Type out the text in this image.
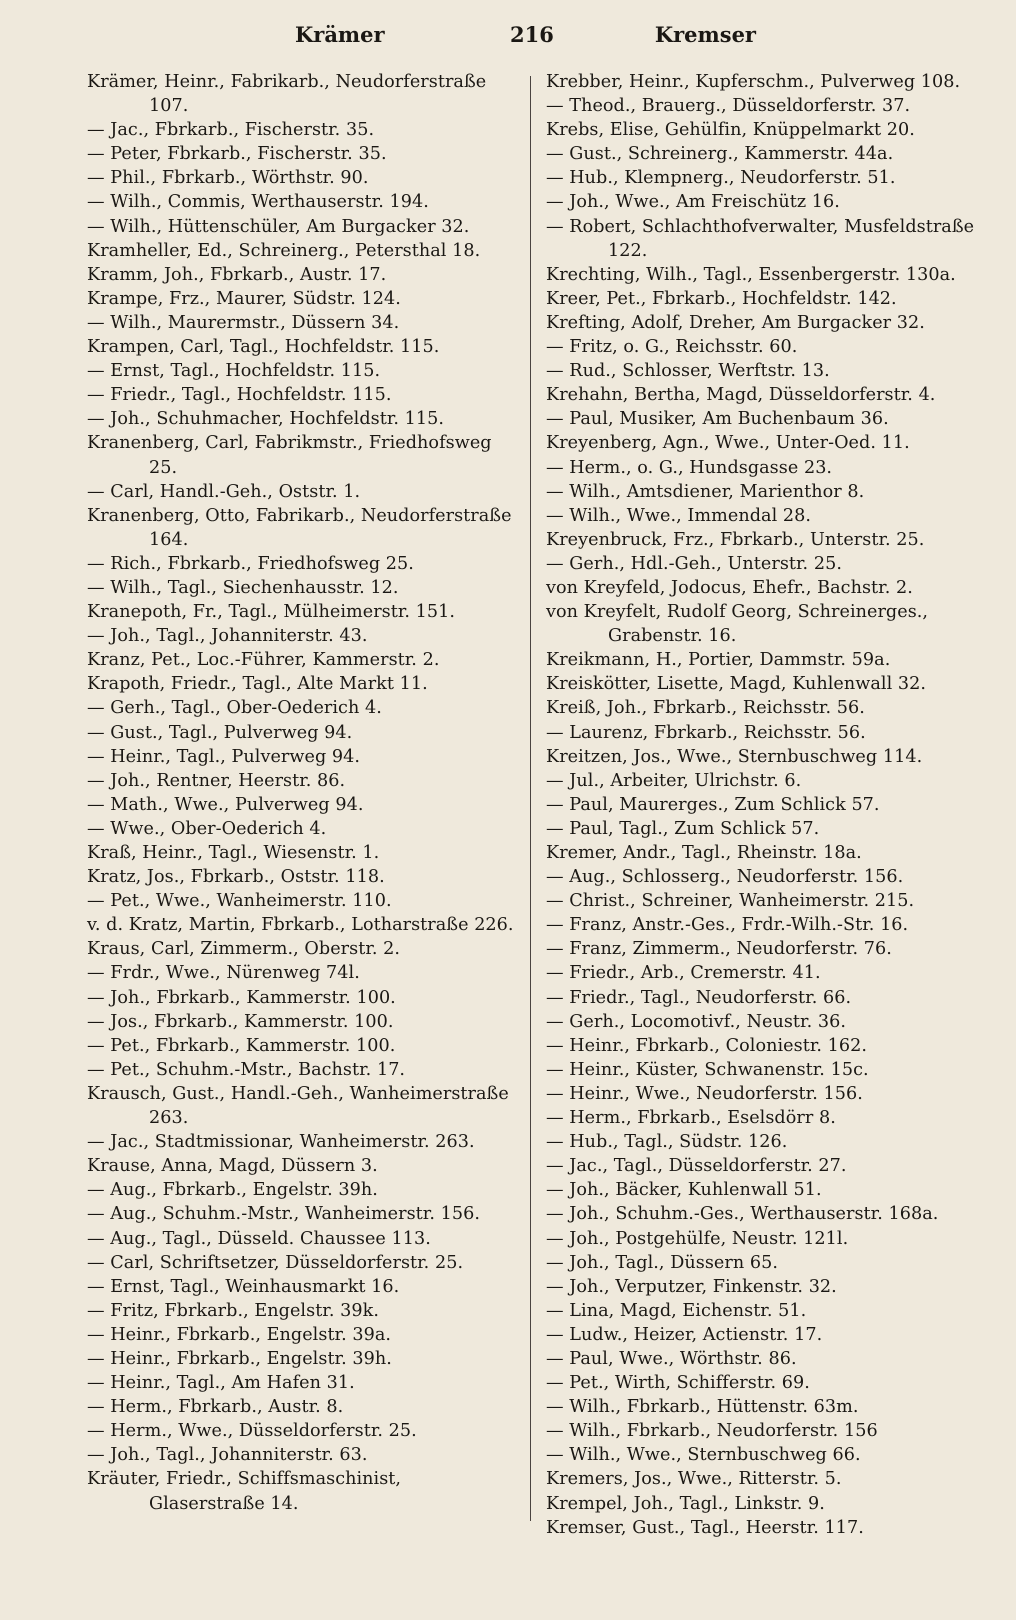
Krämer	216	Kremser
Krämer, Heinr., Fabrikarb., Neudorferstraße 107.
— Jac., Fbrkarb., Fischerstr. 35.
— Peter, Fbrkarb., Fischerstr. 35.
— Phil., Fbrkarb., Wörthstr. 90.
— Wilh., Commis, Werthauserstr. 194.
— Wilh., Hüttenschüler, Am Burgacker 32.
Kramheller, Ed., Schreinerg., Petersthal 18.
Kramm, Joh., Fbrkarb., Austr. 17.
Krampe, Frz., Maurer, Südstr. 124.
— Wilh., Maurermstr., Düssern 34.
Krampen, Carl, Tagl., Hochfeldstr. 115.
— Ernst, Tagl., Hochfeldstr. 115.
— Friedr., Tagl., Hochfeldstr. 115.
— Joh., Schuhmacher, Hochfeldstr. 115.
Kranenberg, Carl, Fabrikmstr., Friedhofsweg 25.
— Carl, Handl.-Geh., Oststr. 1.
Kranenberg, Otto, Fabrikarb., Neudorferstraße 164.
— Rich., Fbrkarb., Friedhofsweg 25.
— Wilh., Tagl., Siechenhausstr. 12.
Kranepoth, Fr., Tagl., Mülheimerstr. 151.
— Joh., Tagl., Johanniterstr. 43.
Kranz, Pet., Loc.-Führer, Kammerstr. 2.
Krapoth, Friedr., Tagl., Alte Markt 11.
— Gerh., Tagl., Ober-Oederich 4.
— Gust., Tagl., Pulverweg 94.
— Heinr., Tagl., Pulverweg 94.
— Joh., Rentner, Heerstr. 86.
— Math., Wwe., Pulverweg 94.
— Wwe., Ober-Oederich 4.
Kraß, Heinr., Tagl., Wiesenstr. 1.
Kratz, Jos., Fbrkarb., Oststr. 118.
— Pet., Wwe., Wanheimerstr. 110.
v. d. Kratz, Martin, Fbrkarb., Lotharstraße 226.
Kraus, Carl, Zimmerm., Oberstr. 2.
— Frdr., Wwe., Nürenweg 74l.
— Joh., Fbrkarb., Kammerstr. 100.
— Jos., Fbrkarb., Kammerstr. 100.
— Pet., Fbrkarb., Kammerstr. 100.
— Pet., Schuhm.-Mstr., Bachstr. 17.
Krausch, Gust., Handl.-Geh., Wanheimerstraße 263.
— Jac., Stadtmissionar, Wanheimerstr. 263.
Krause, Anna, Magd, Düssern 3.
— Aug., Fbrkarb., Engelstr. 39h.
— Aug., Schuhm.-Mstr., Wanheimerstr. 156.
— Aug., Tagl., Düsseld. Chaussee 113.
— Carl, Schriftsetzer, Düsseldorferstr. 25.
— Ernst, Tagl., Weinhausmarkt 16.
— Fritz, Fbrkarb., Engelstr. 39k.
— Heinr., Fbrkarb., Engelstr. 39a.
— Heinr., Fbrkarb., Engelstr. 39h.
— Heinr., Tagl., Am Hafen 31.
— Herm., Fbrkarb., Austr. 8.
— Herm., Wwe., Düsseldorferstr. 25.
— Joh., Tagl., Johanniterstr. 63.
Kräuter, Friedr., Schiffsmaschinist, Glaserstraße 14.
Krebber, Heinr., Kupferschm., Pulverweg 108.
— Theod., Brauerg., Düsseldorferstr. 37.
Krebs, Elise, Gehülfin, Knüppelmarkt 20.
— Gust., Schreinerg., Kammerstr. 44a.
— Hub., Klempnerg., Neudorferstr. 51.
— Joh., Wwe., Am Freischütz 16.
— Robert, Schlachthofverwalter, Musfeldstraße 122.
Krechting, Wilh., Tagl., Essenbergerstr. 130a.
Kreer, Pet., Fbrkarb., Hochfeldstr. 142.
Krefting, Adolf, Dreher, Am Burgacker 32.
— Fritz, o. G., Reichsstr. 60.
— Rud., Schlosser, Werftstr. 13.
Krehahn, Bertha, Magd, Düsseldorferstr. 4.
— Paul, Musiker, Am Buchenbaum 36.
Kreyenberg, Agn., Wwe., Unter-Oed. 11.
— Herm., o. G., Hundsgasse 23.
— Wilh., Amtsdiener, Marienthor 8.
— Wilh., Wwe., Immendal 28.
Kreyenbruck, Frz., Fbrkarb., Unterstr. 25.
— Gerh., Hdl.-Geh., Unterstr. 25.
von Kreyfeld, Jodocus, Ehefr., Bachstr. 2.
von Kreyfelt, Rudolf Georg, Schreinerges., Grabenstr. 16.
Kreikmann, H., Portier, Dammstr. 59a.
Kreiskötter, Lisette, Magd, Kuhlenwall 32.
Kreiß, Joh., Fbrkarb., Reichsstr. 56.
— Laurenz, Fbrkarb., Reichsstr. 56.
Kreitzen, Jos., Wwe., Sternbuschweg 114.
— Jul., Arbeiter, Ulrichstr. 6.
— Paul, Maurerges., Zum Schlick 57.
— Paul, Tagl., Zum Schlick 57.
Kremer, Andr., Tagl., Rheinstr. 18a.
— Aug., Schlosserg., Neudorferstr. 156.
— Christ., Schreiner, Wanheimerstr. 215.
— Franz, Anstr.-Ges., Frdr.-Wilh.-Str. 16.
— Franz, Zimmerm., Neudorferstr. 76.
— Friedr., Arb., Cremerstr. 41.
— Friedr., Tagl., Neudorferstr. 66.
— Gerh., Locomotivf., Neustr. 36.
— Heinr., Fbrkarb., Coloniestr. 162.
— Heinr., Küster, Schwanenstr. 15c.
— Heinr., Wwe., Neudorferstr. 156.
— Herm., Fbrkarb., Eselsdörr 8.
— Hub., Tagl., Südstr. 126.
— Jac., Tagl., Düsseldorferstr. 27.
— Joh., Bäcker, Kuhlenwall 51.
— Joh., Schuhm.-Ges., Werthauserstr. 168a.
— Joh., Postgehülfe, Neustr. 121l.
— Joh., Tagl., Düssern 65.
— Joh., Verputzer, Finkenstr. 32.
— Lina, Magd, Eichenstr. 51.
— Ludw., Heizer, Actienstr. 17.
— Paul, Wwe., Wörthstr. 86.
— Pet., Wirth, Schifferstr. 69.
— Wilh., Fbrkarb., Hüttenstr. 63m.
— Wilh., Fbrkarb., Neudorferstr. 156
— Wilh., Wwe., Sternbuschweg 66.
Kremers, Jos., Wwe., Ritterstr. 5.
Krempel, Joh., Tagl., Linkstr. 9.
Kremser, Gust., Tagl., Heerstr. 117.
